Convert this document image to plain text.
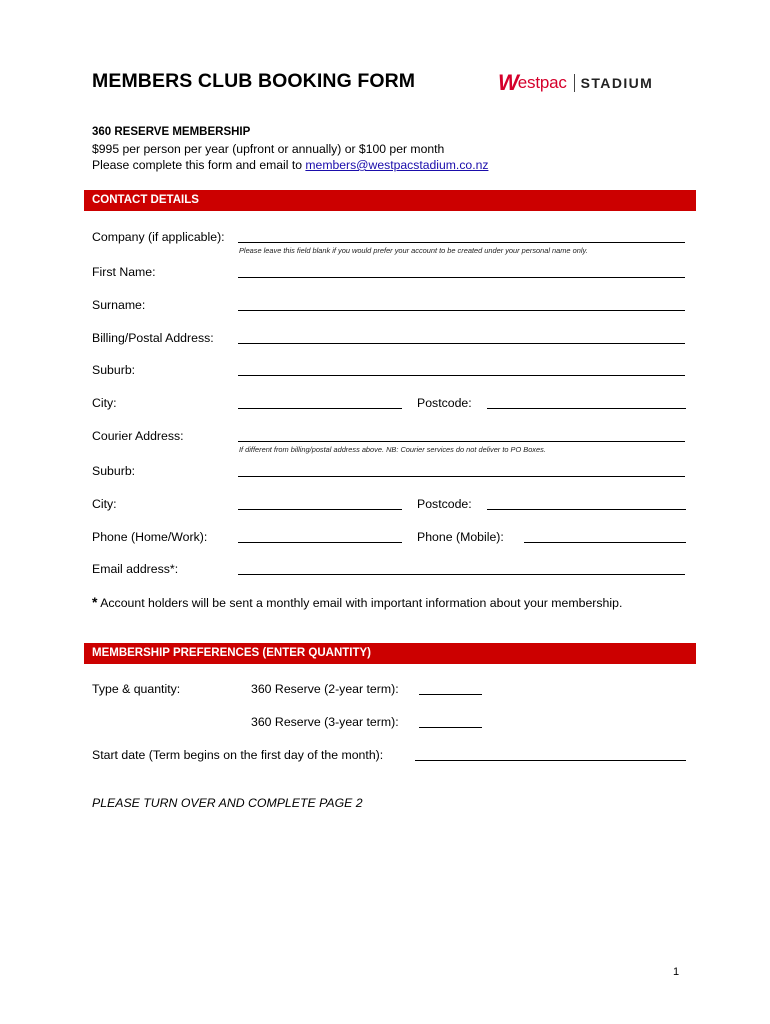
MEMBERS CLUB BOOKING FORM	W estpac STADIUM
360 RESERVE MEMBERSHIP
$995 per person per year (upfront or annually) or $100 per month
Please complete this form and email to members@westpacstadium.co.nz
CONTACT DETAILS
Company (if applicable):
Please leave this field blank if you would prefer your account to be created under your personal name only.
First Name:
Surname:
Billing/Postal Address:
Suburb:
City:	Postcode:
Courier Address:
If different from billing/postal address above. NB: Courier services do not deliver to PO Boxes.
Suburb:
City:	Postcode:
Phone (Home/Work):	Phone (Mobile):
Email address*:
* Account holders will be sent a monthly email with important information about your membership.
MEMBERSHIP PREFERENCES (ENTER QUANTITY)
Type & quantity:	360 Reserve (2-year term):
360 Reserve (3-year term):
Start date (Term begins on the first day of the month):
PLEASE TURN OVER AND COMPLETE PAGE 2
1
